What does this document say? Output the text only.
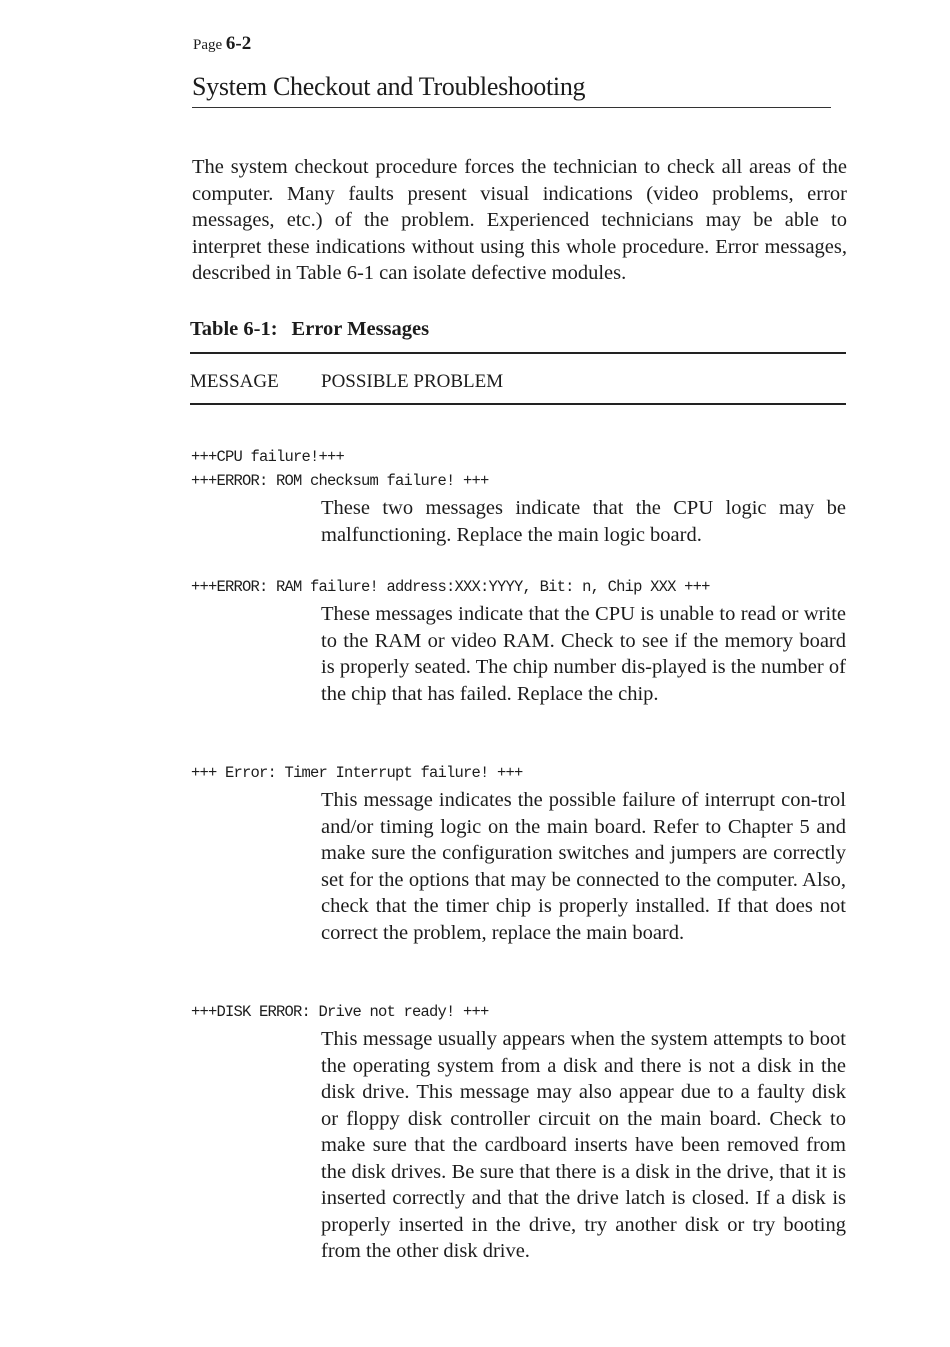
Page 6-2
System Checkout and Troubleshooting

The system checkout procedure forces the technician to check all areas of the computer. Many faults present visual indications (video problems, error messages, etc.) of the problem. Experienced technicians may be able to interpret these indications without using this whole procedure. Error messages, described in Table 6-1 can isolate defective modules.

Table 6-1: Error Messages
MESSAGE POSSIBLE PROBLEM
+++CPU failure!+++
+++ERROR: ROM checksum failure! +++

These two messages indicate that the CPU logic may be malfunctioning. Replace the main logic board.

+++ERROR: RAM failure! address:XXX:YYYY, Bit: n, Chip XXX +++

These messages indicate that the CPU is unable to read or write to the RAM or video RAM. Check to see if the memory board is properly seated. The chip number dis-played is the number of the chip that has failed. Replace the chip.

+++ Error: Timer Interrupt failure! +++

This message indicates the possible failure of interrupt con-trol and/or timing logic on the main board. Refer to Chapter 5 and make sure the configuration switches and jumpers are correctly set for the options that may be connected to the computer. Also, check that the timer chip is properly installed. If that does not correct the problem, replace the main board.

+++DISK ERROR: Drive not ready! +++

This message usually appears when the system attempts to boot the operating system from a disk and there is not a disk in the disk drive. This message may also appear due to a faulty disk or floppy disk controller circuit on the main board. Check to make sure that the cardboard inserts have been removed from the disk drives. Be sure that there is a disk in the drive, that it is inserted correctly and that the drive latch is closed. If a disk is properly inserted in the drive, try another disk or try booting from the other disk drive.
